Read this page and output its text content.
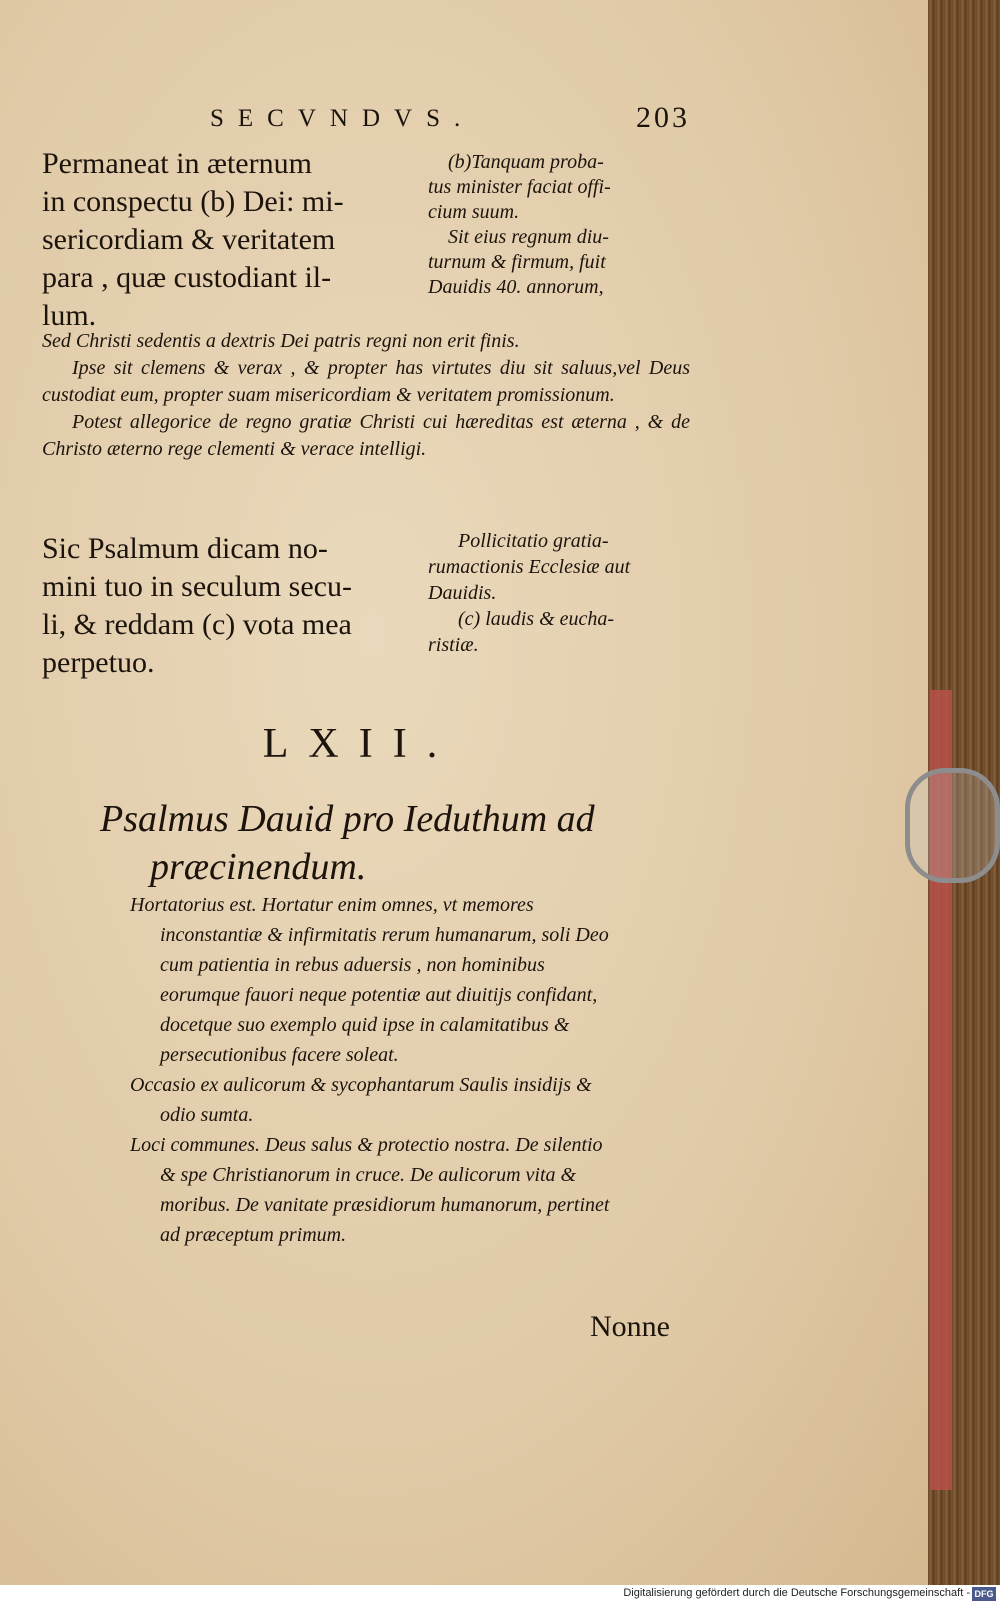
SECVNDVS.	203
Permaneat in æternum
in conspectu (b) Dei: mi-
sericordiam & veritatem
para , quæ custodiant il-
lum.

(b)Tanquam proba-

tus minister faciat offi-

cium suum.

Sit eius regnum diu-

turnum & firmum, fuit

Dauidis 40. annorum,

Sed Christi sedentis a dextris Dei patris regni non erit finis.

Ipse sit clemens & verax , & propter has virtutes diu sit saluus,vel Deus custodiat eum, propter suam misericordiam & veritatem promissionum.

Potest allegorice de regno gratiæ Christi cui hæreditas est æterna , & de Christo æterno rege clementi & verace intelligi.

Sic Psalmum dicam no-
mini tuo in seculum secu-
li, & reddam (c) vota mea
perpetuo.

Pollicitatio gratia-

rumactionis Ecclesiæ aut

Dauidis.

(c) laudis & eucha-

ristiæ.

LXII.
Psalmus Dauid pro Ieduthum ad
præcinendum.

Hortatorius est. Hortatur enim omnes, vt memores inconstantiæ & infirmitatis rerum humanarum, soli Deo cum patientia in rebus aduersis , non hominibus eorumque fauori neque potentiæ aut diuitijs confidant, docetque suo exemplo quid ipse in calamitatibus & persecutionibus facere soleat.

Occasio ex aulicorum & sycophantarum Saulis insidijs & odio sumta.

Loci communes. Deus salus & protectio nostra. De silentio & spe Christianorum in cruce. De aulicorum vita & moribus. De vanitate præsidiorum humanorum, pertinet ad præceptum primum.

Nonne
Digitalisierung gefördert durch die Deutsche Forschungsgemeinschaft - DFG
